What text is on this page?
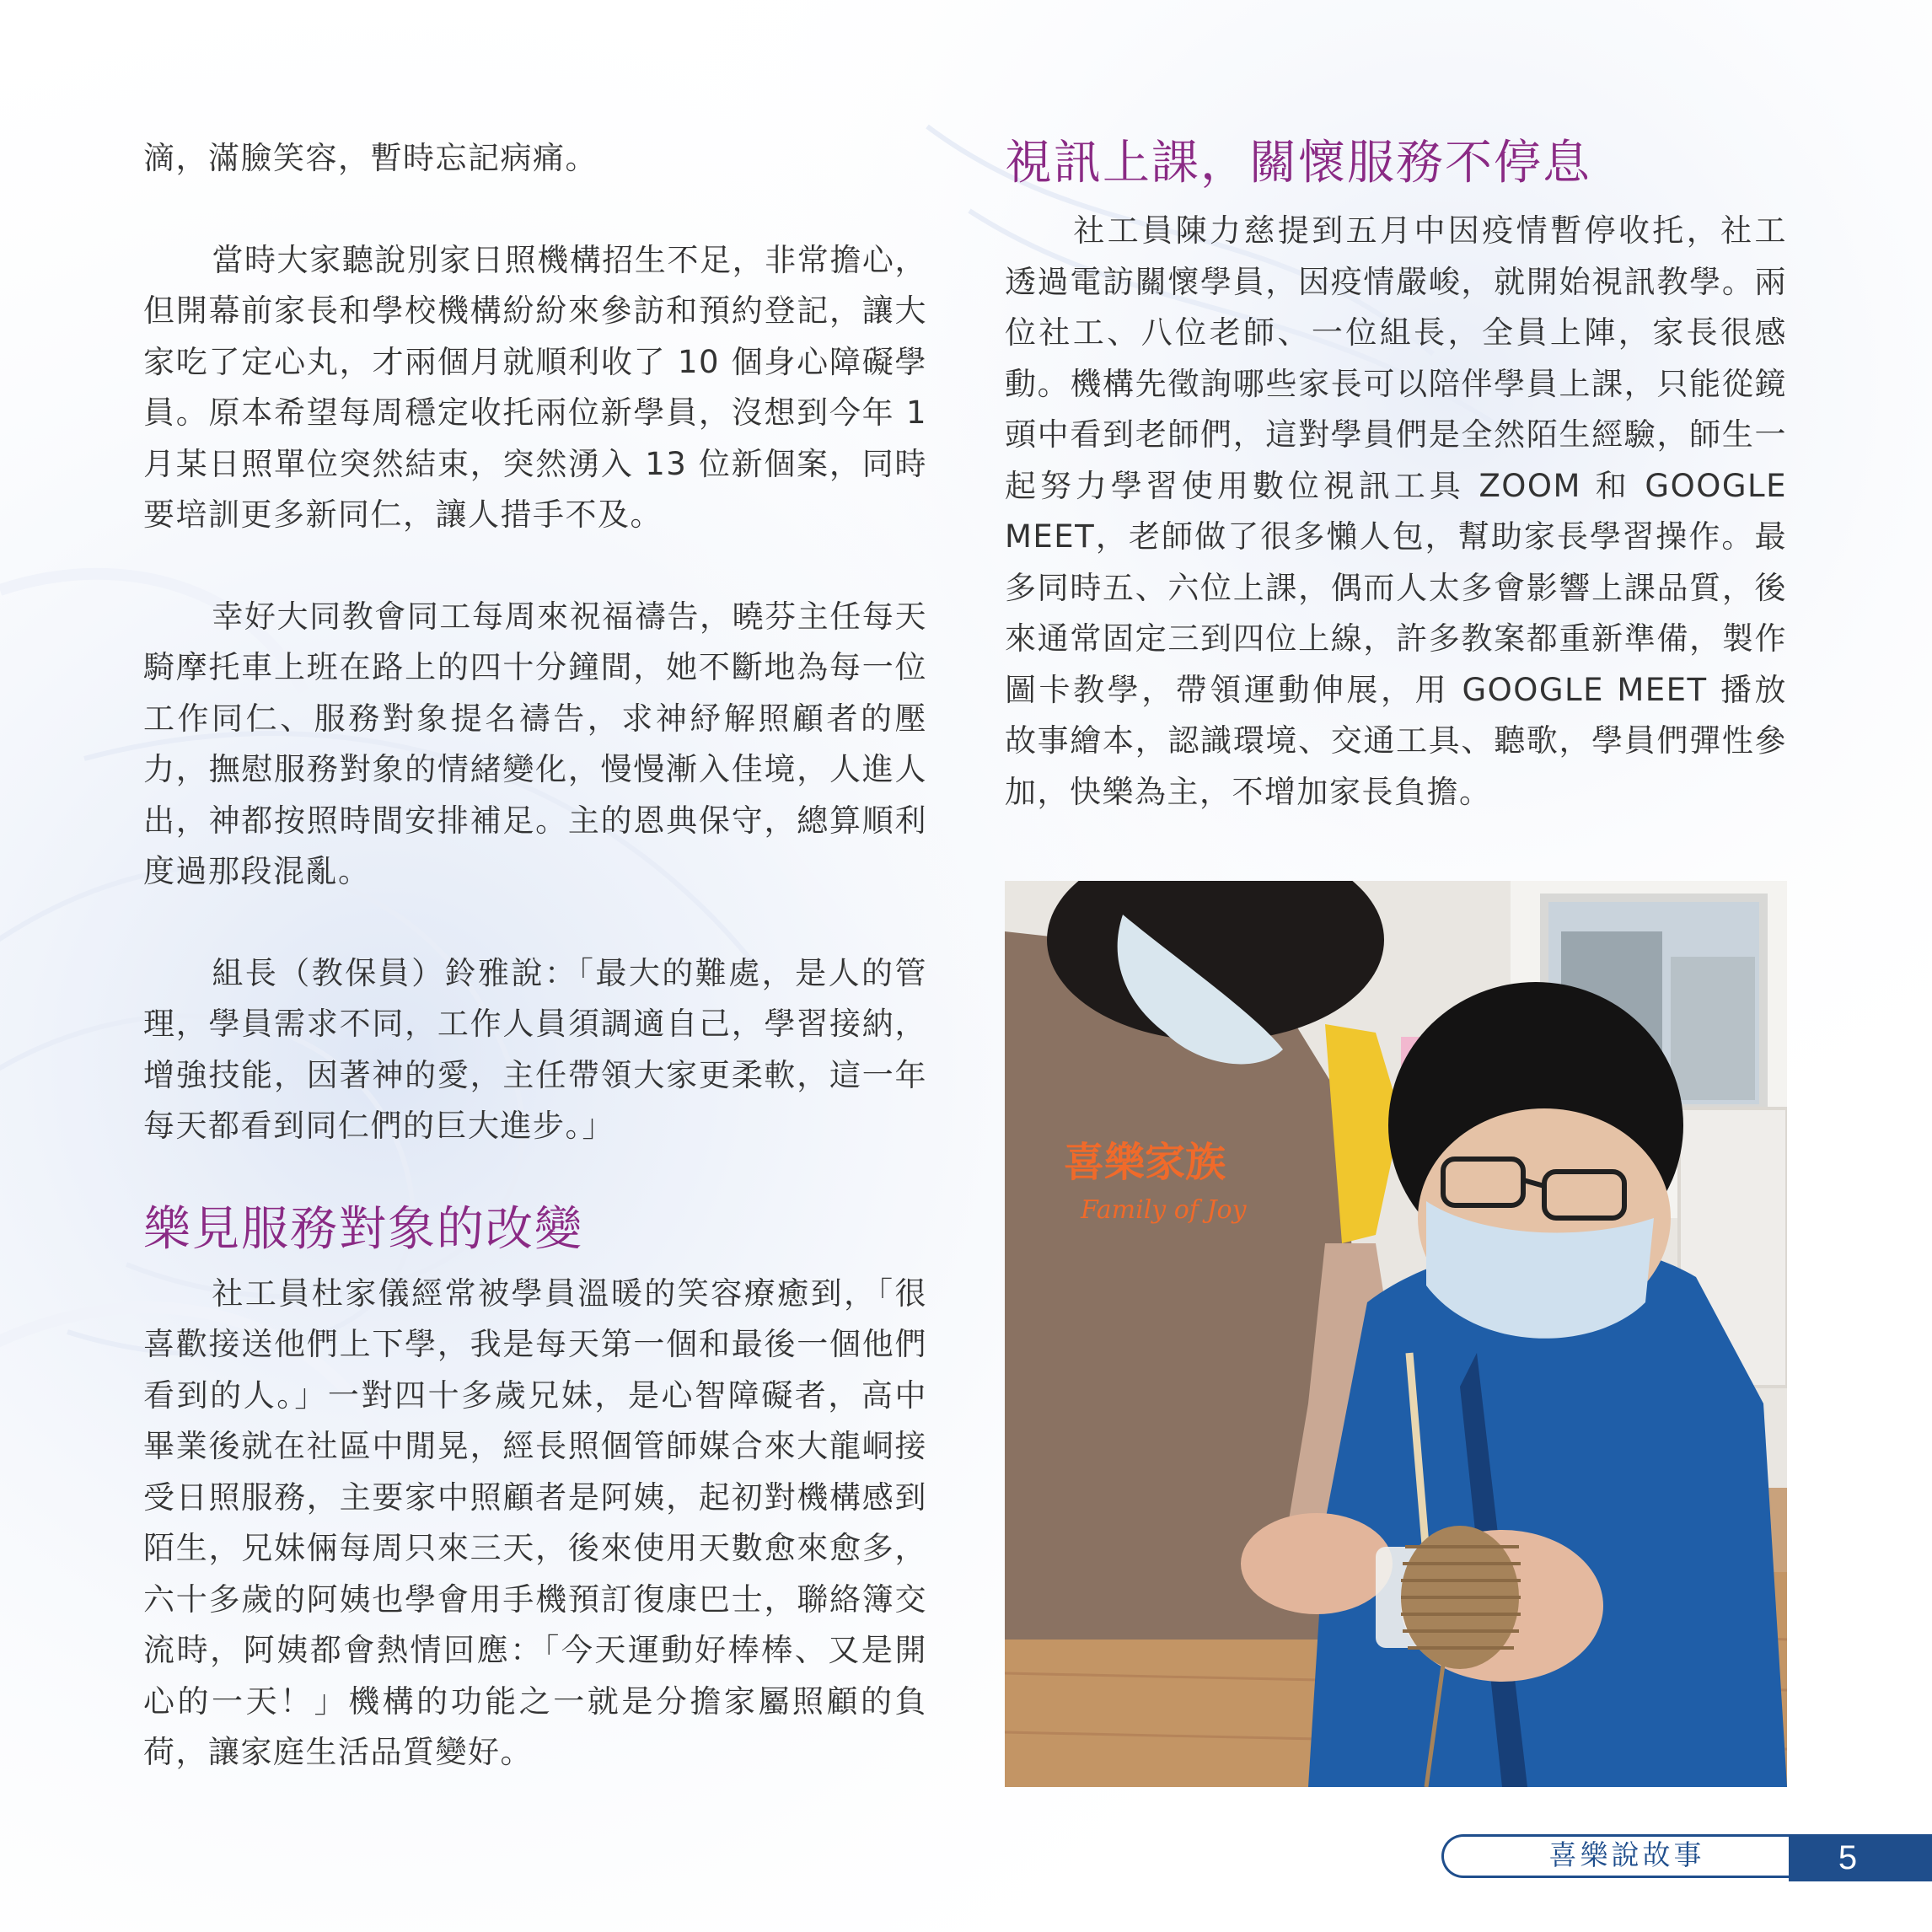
滴，滿臉笑容，暫時忘記病痛。

當時大家聽說別家日照機構招生不足，非常擔心，但開幕前家長和學校機構紛紛來參訪和預約登記，讓大家吃了定心丸，才兩個月就順利收了 10 個身心障礙學員。原本希望每周穩定收托兩位新學員，沒想到今年 1 月某日照單位突然結束，突然湧入 13 位新個案，同時要培訓更多新同仁，讓人措手不及。

幸好大同教會同工每周來祝福禱告，曉芬主任每天騎摩托車上班在路上的四十分鐘間，她不斷地為每一位工作同仁、服務對象提名禱告，求神紓解照顧者的壓力，撫慰服務對象的情緒變化，慢慢漸入佳境，人進人出，神都按照時間安排補足。主的恩典保守，總算順利度過那段混亂。

組長（教保員）鈴雅說：「最大的難處，是人的管理，學員需求不同，工作人員須調適自己，學習接納，增強技能，因著神的愛，主任帶領大家更柔軟，這一年每天都看到同仁們的巨大進步。」

樂見服務對象的改變

社工員杜家儀經常被學員溫暖的笑容療癒到，「很喜歡接送他們上下學，我是每天第一個和最後一個他們看到的人。」一對四十多歲兄妹，是心智障礙者，高中畢業後就在社區中閒晃，經長照個管師媒合來大龍峒接受日照服務，主要家中照顧者是阿姨，起初對機構感到陌生，兄妹倆每周只來三天，後來使用天數愈來愈多，六十多歲的阿姨也學會用手機預訂復康巴士，聯絡簿交流時，阿姨都會熱情回應：「今天運動好棒棒、又是開心的一天！」機構的功能之一就是分擔家屬照顧的負荷，讓家庭生活品質變好。

視訊上課，關懷服務不停息

社工員陳力慈提到五月中因疫情暫停收托，社工透過電訪關懷學員，因疫情嚴峻，就開始視訊教學。兩位社工、八位老師、一位組長，全員上陣，家長很感動。機構先徵詢哪些家長可以陪伴學員上課，只能從鏡頭中看到老師們，這對學員們是全然陌生經驗，師生一起努力學習使用數位視訊工具 ZOOM 和 GOOGLE MEET，老師做了很多懶人包，幫助家長學習操作。最多同時五、六位上課，偶而人太多會影響上課品質，後來通常固定三到四位上線，許多教案都重新準備，製作圖卡教學，帶領運動伸展，用 GOOGLE MEET 播放故事繪本，認識環境、交通工具、聽歌，學員們彈性參加，快樂為主，不增加家長負擔。

喜樂家族
Family of Joy
喜樂說故事	5
